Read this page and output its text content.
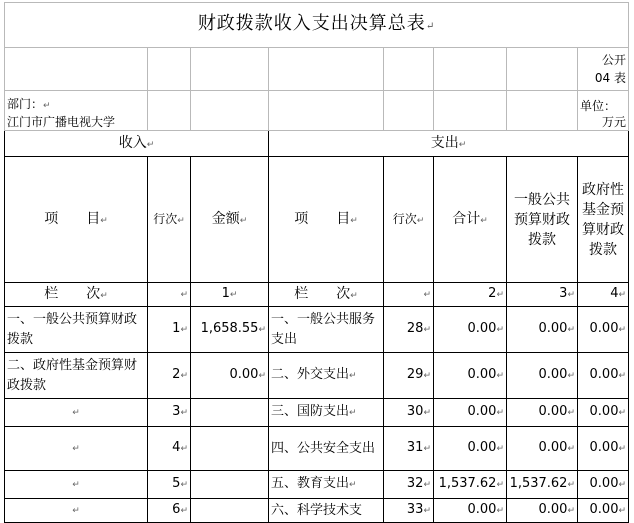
财政拨款收入支出决算总表↵							
							公开
04 表
部门：↵
江门市广播电视大学							单位：

万元

收入↵			支出↵				
项　　目↵	行次↵	金额↵	项　　目↵	行次↵	合计↵	一般公共预算财政拨款	政府性基金预算财政拨款
栏　　次↵	↵	1↵	栏　　次↵	↵	2↵	3↵	4↵
一、一般公共预算财政拨款	1↵	1,658.55↵	一、一般公共服务支出	28↵	0.00↵	0.00↵	0.00↵
二、政府性基金预算财政拨款	2↵	0.00↵	二、外交支出↵	29↵	0.00↵	0.00↵	0.00↵
↵	3↵		三、国防支出↵	30↵	0.00↵	0.00↵	0.00↵
↵	4↵		四、公共安全支出	31↵	0.00↵	0.00↵	0.00↵
↵	5↵		五、教育支出↵	32↵	1,537.62↵	1,537.62↵	0.00↵
↵	6↵		六、科学技术支	33↵	0.00↵	0.00↵	0.00↵
